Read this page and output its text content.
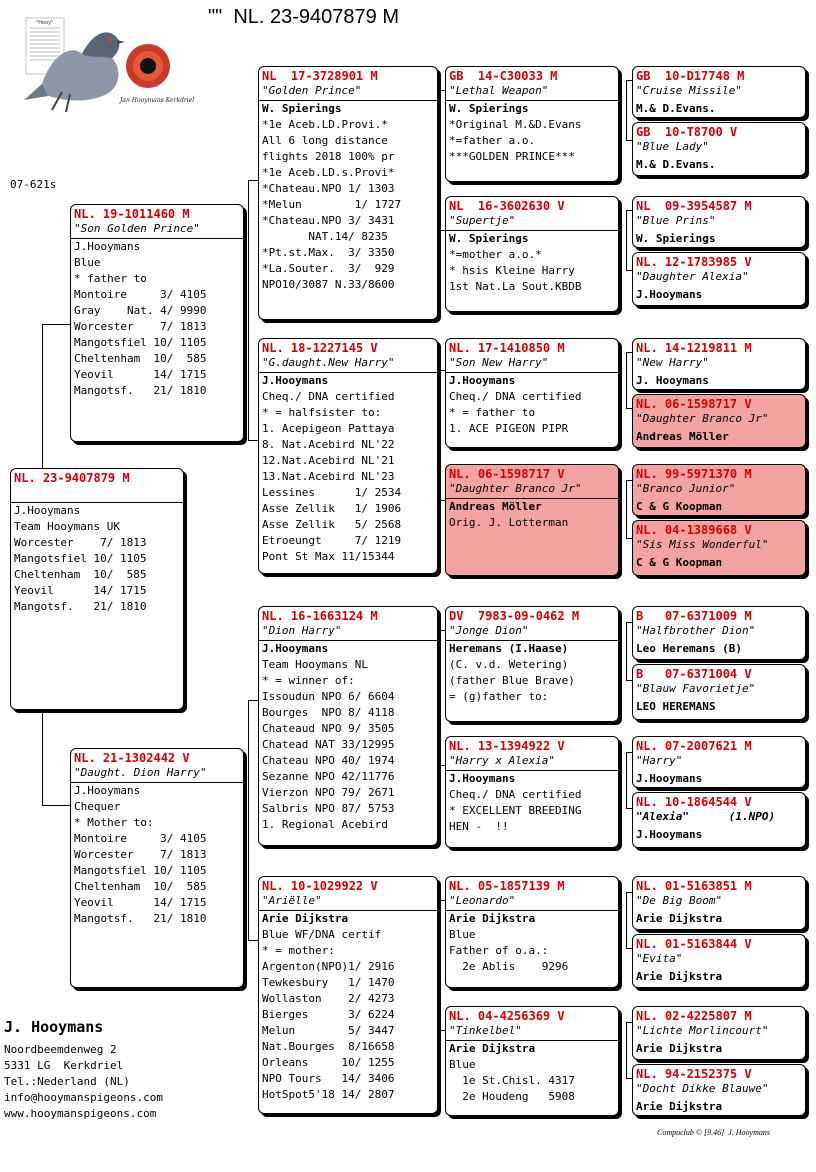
"" NL. 23-9407879 M
"Hooy"
Jan Hooymans Kerkdriel
07-621s
NL. 23-9407879 M
J.Hooymans
Team Hooymans UK
Worcester    7/ 1813
Mangotsfiel 10/ 1105
Cheltenham  10/  585
Yeovil      14/ 1715
Mangotsf.   21/ 1810
NL. 19-1011460 M
"Son Golden Prince"
J.Hooymans
Blue
* father to
Montoire     3/ 4105
Gray    Nat. 4/ 9990
Worcester    7/ 1813
Mangotsfiel 10/ 1105
Cheltenham  10/  585
Yeovil      14/ 1715
Mangotsf.   21/ 1810
NL. 21-1302442 V
"Daught. Dion Harry"
J.Hooymans
Chequer
* Mother to:
Montoire     3/ 4105
Worcester    7/ 1813
Mangotsfiel 10/ 1105
Cheltenham  10/  585
Yeovil      14/ 1715
Mangotsf.   21/ 1810
NL  17-3728901 M
"Golden Prince"
W. Spierings
*1e Aceb.LD.Provi.*
All 6 long distance
flights 2018 100% pr
*1e Aceb.LD.s.Provi*
*Chateau.NPO 1/ 1303
*Melun        1/ 1727
*Chateau.NPO 3/ 3431
NAT.14/ 8235
*Pt.st.Max.  3/ 3350
*La.Souter.  3/  929
NPO10/3087 N.33/8600
NL. 18-1227145 V
"G.daught.New Harry"
J.Hooymans
Cheq./ DNA certified
* = halfsister to:
1. Acepigeon Pattaya
8. Nat.Acebird NL'22
12.Nat.Acebird NL'21
13.Nat.Acebird NL'23
Lessines      1/ 2534
Asse Zellik   1/ 1906
Asse Zellik   5/ 2568
Etroeungt     7/ 1219
Pont St Max 11/15344
NL. 16-1663124 M
"Dion Harry"
J.Hooymans
Team Hooymans NL
* = winner of:
Issoudun NPO 6/ 6604
Bourges  NPO 8/ 4118
Chateaud NPO 9/ 3505
Chatead NAT 33/12995
Chateau NPO 40/ 1974
Sezanne NPO 42/11776
Vierzon NPO 79/ 2671
Salbris NPO 87/ 5753
1. Regional Acebird
NL. 10-1029922 V
"Ariëlle"
Arie Dijkstra
Blue WF/DNA certif
* = mother:
Argenton(NPO)1/ 2916
Tewkesbury   1/ 1470
Wollaston    2/ 4273
Bierges      3/ 6224
Melun        5/ 3447
Nat.Bourges  8/16658
Orleans     10/ 1255
NPO Tours   14/ 3406
HotSpot5'18 14/ 2807
GB  14-C30033 M
"Lethal Weapon"
W. Spierings
*Original M.&D.Evans
*=father a.o.
***GOLDEN PRINCE***
NL  16-3602630 V
"Supertje"
W. Spierings
*=mother a.o.*
* hsis Kleine Harry
1st Nat.La Sout.KBDB
NL. 17-1410850 M
"Son New Harry"
J.Hooymans
Cheq./ DNA certified
* = father to
1. ACE PIGEON PIPR
NL. 06-1598717 V
"Daughter Branco Jr"
Andreas Möller
Orig. J. Lotterman
DV  7983-09-0462 M
"Jonge Dion"
Heremans (I.Haase)
(C. v.d. Wetering)
(father Blue Brave)
= (g)father to:
NL. 13-1394922 V
"Harry x Alexia"
J.Hooymans
Cheq./ DNA certified
* EXCELLENT BREEDING
HEN -  !!
NL. 05-1857139 M
"Leonardo"
Arie Dijkstra
Blue
Father of o.a.:
2e Ablis    9296
NL. 04-4256369 V
"Tinkelbel"
Arie Dijkstra
Blue
1e St.Chisl. 4317
2e Houdeng   5908
GB  10-D17748 M
"Cruise Missile"
M.& D.Evans.
GB  10-T8700 V
"Blue Lady"
M.& D.Evans.
NL  09-3954587 M
"Blue Prins"
W. Spierings
NL. 12-1783985 V
"Daughter Alexia"
J.Hooymans
NL. 14-1219811 M
"New Harry"
J. Hooymans
NL. 06-1598717 V
"Daughter Branco Jr"
Andreas Möller
NL. 99-5971370 M
"Branco Junior"
C & G Koopman
NL. 04-1389668 V
"Sis Miss Wonderful"
C & G Koopman
B   07-6371009 M
"Halfbrother Dion"
Leo Heremans (B)
B   07-6371004 V
"Blauw Favorietje"
LEO HEREMANS
NL. 07-2007621 M
"Harry"
J.Hooymans
NL. 10-1864544 V
"Alexia"      (1.NPO)
J.Hooymans
NL. 01-5163851 M
"De Big Boom"
Arie Dijkstra
NL. 01-5163844 V
"Evita"
Arie Dijkstra
NL. 02-4225807 M
"Lichte Morlincourt"
Arie Dijkstra
NL. 94-2152375 V
"Docht Dikke Blauwe"
Arie Dijkstra
J. Hooymans
Noordbeemdenweg 2
5331 LG  Kerkdriel
Tel.:Nederland (NL)
info@hooymanspigeons.com
www.hooymanspigeons.com
Compuclub © [9.46]  J. Hooymans
